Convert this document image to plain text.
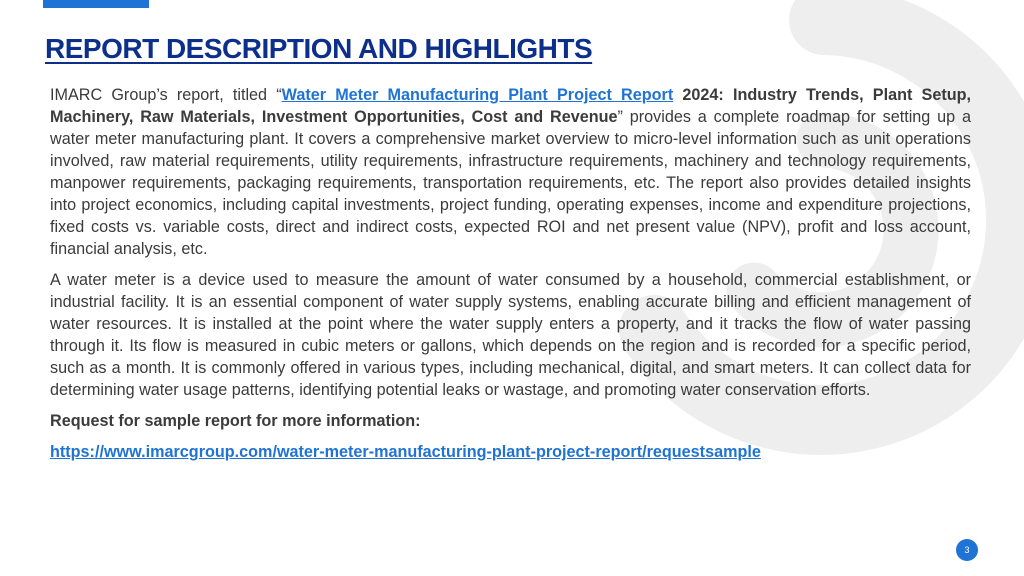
REPORT DESCRIPTION AND HIGHLIGHTS

IMARC Group’s report, titled “Water Meter Manufacturing Plant Project Report 2024: Industry Trends, Plant Setup, Machinery, Raw Materials, Investment Opportunities, Cost and Revenue” provides a complete roadmap for setting up a water meter manufacturing plant. It covers a comprehensive market overview to micro-level information such as unit operations involved, raw material requirements, utility requirements, infrastructure requirements, machinery and technology requirements, manpower requirements, packaging requirements, transportation requirements, etc. The report also provides detailed insights into project economics, including capital investments, project funding, operating expenses, income and expenditure projections, fixed costs vs. variable costs, direct and indirect costs, expected ROI and net present value (NPV), profit and loss account, financial analysis, etc.

A water meter is a device used to measure the amount of water consumed by a household, commercial establishment, or industrial facility. It is an essential component of water supply systems, enabling accurate billing and efficient management of water resources. It is installed at the point where the water supply enters a property, and it tracks the flow of water passing through it. Its flow is measured in cubic meters or gallons, which depends on the region and is recorded for a specific period, such as a month. It is commonly offered in various types, including mechanical, digital, and smart meters. It can collect data for determining water usage patterns, identifying potential leaks or wastage, and promoting water conservation efforts.

Request for sample report for more information:

https://www.imarcgroup.com/water-meter-manufacturing-plant-project-report/requestsample

3
